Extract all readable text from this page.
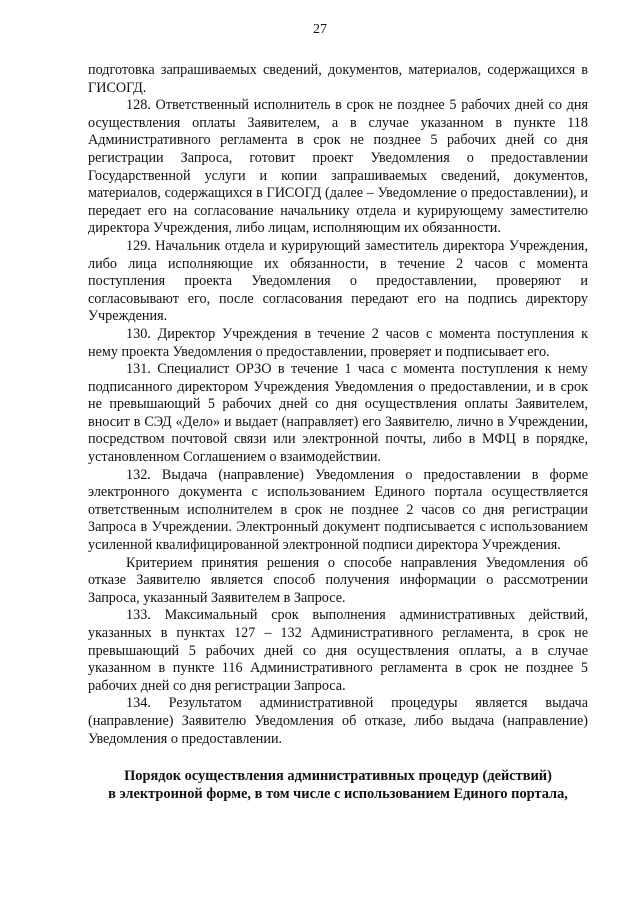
27

подготовка запрашиваемых сведений, документов, материалов, содержащихся в ГИСОГД.

128. Ответственный исполнитель в срок не позднее 5 рабочих дней со дня осуществления оплаты Заявителем, а в случае указанном в пункте 118 Административного регламента в срок не позднее 5 рабочих дней со дня регистрации Запроса, готовит проект Уведомления о предоставлении Государственной услуги и копии запрашиваемых сведений, документов, материалов, содержащихся в ГИСОГД (далее – Уведомление о предоставлении), и передает его на согласование начальнику отдела и курирующему заместителю директора Учреждения, либо лицам, исполняющим их обязанности.

129. Начальник отдела и курирующий заместитель директора Учреждения, либо лица исполняющие их обязанности, в течение 2 часов с момента поступления проекта Уведомления о предоставлении, проверяют и согласовывают его, после согласования передают его на подпись директору Учреждения.

130. Директор Учреждения в течение 2 часов с момента поступления к нему проекта Уведомления о предоставлении, проверяет и подписывает его.

131. Специалист ОРЗО в течение 1 часа с момента поступления к нему подписанного директором Учреждения Уведомления о предоставлении, и в срок не превышающий 5 рабочих дней со дня осуществления оплаты Заявителем, вносит в СЭД «Дело» и выдает (направляет) его Заявителю, лично в Учреждении, посредством почтовой связи или электронной почты, либо в МФЦ в порядке, установленном Соглашением о взаимодействии.

132. Выдача (направление) Уведомления о предоставлении в форме электронного документа с использованием Единого портала осуществляется ответственным исполнителем в срок не позднее 2 часов со дня регистрации Запроса в Учреждении. Электронный документ подписывается с использованием усиленной квалифицированной электронной подписи директора Учреждения.

Критерием принятия решения о способе направления Уведомления об отказе Заявителю является способ получения информации о рассмотрении Запроса, указанный Заявителем в Запросе.

133. Максимальный срок выполнения административных действий, указанных в пунктах 127 – 132 Административного регламента, в срок не превышающий 5 рабочих дней со дня осуществления оплаты, а в случае указанном в пункте 116 Административного регламента в срок не позднее 5 рабочих дней со дня регистрации Запроса.

134. Результатом административной процедуры является выдача (направление) Заявителю Уведомления об отказе, либо выдача (направление) Уведомления о предоставлении.

Порядок осуществления административных процедур (действий)
в электронной форме, в том числе с использованием Единого портала,
